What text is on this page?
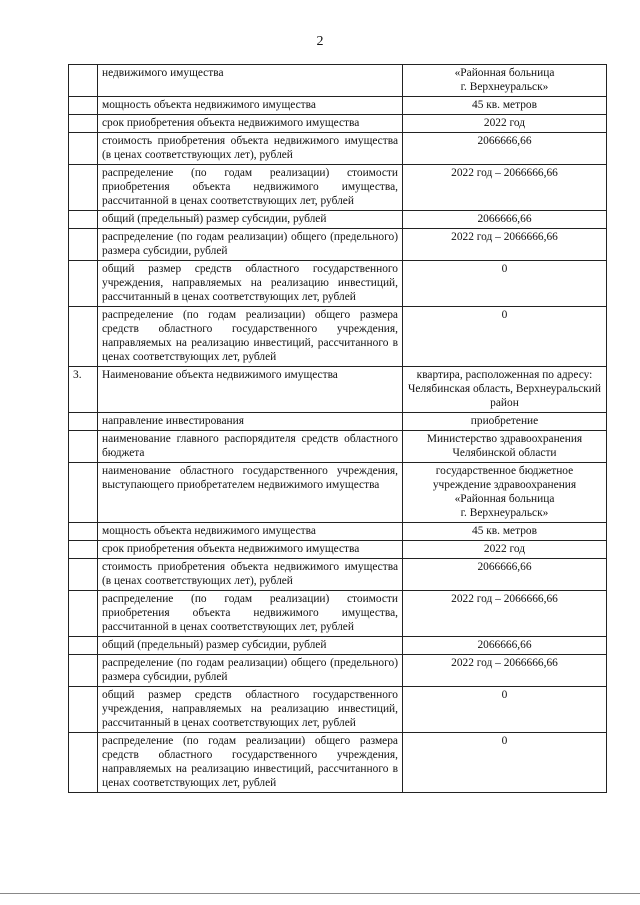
2
	недвижимого имущества	«Районная больница
г. Верхнеуральск»
	мощность объекта недвижимого имущества	45 кв. метров
	срок приобретения объекта недвижимого имущества	2022 год
	стоимость приобретения объекта недвижимого имущества (в ценах соответствующих лет), рублей	2066666,66
	распределение (по годам реализации) стоимости приобретения объекта недвижимого имущества, рассчитанной в ценах соответствующих лет, рублей	2022 год – 2066666,66
	общий (предельный) размер субсидии, рублей	2066666,66
	распределение (по годам реализации) общего (предельного) размера субсидии, рублей	2022 год – 2066666,66
	общий размер средств областного государственного учреждения, направляемых на реализацию инвестиций, рассчитанный в ценах соответствующих лет, рублей	0
	распределение (по годам реализации) общего размера средств областного государственного учреждения, направляемых на реализацию инвестиций, рассчитанного в ценах соответствующих лет, рублей	0
3.	Наименование объекта недвижимого имущества	квартира, расположенная по адресу: Челябинская область, Верхнеуральский район
	направление инвестирования	приобретение
	наименование главного распорядителя средств областного бюджета	Министерство здравоохранения Челябинской области
	наименование областного государственного учреждения, выступающего приобретателем недвижимого имущества	государственное бюджетное учреждение здравоохранения «Районная больница
г. Верхнеуральск»
	мощность объекта недвижимого имущества	45 кв. метров
	срок приобретения объекта недвижимого имущества	2022 год
	стоимость приобретения объекта недвижимого имущества (в ценах соответствующих лет), рублей	2066666,66
	распределение (по годам реализации) стоимости приобретения объекта недвижимого имущества, рассчитанной в ценах соответствующих лет, рублей	2022 год – 2066666,66
	общий (предельный) размер субсидии, рублей	2066666,66
	распределение (по годам реализации) общего (предельного) размера субсидии, рублей	2022 год – 2066666,66
	общий размер средств областного государственного учреждения, направляемых на реализацию инвестиций, рассчитанный в ценах соответствующих лет, рублей	0
	распределение (по годам реализации) общего размера средств областного государственного учреждения, направляемых на реализацию инвестиций, рассчитанного в ценах соответствующих лет, рублей	0
